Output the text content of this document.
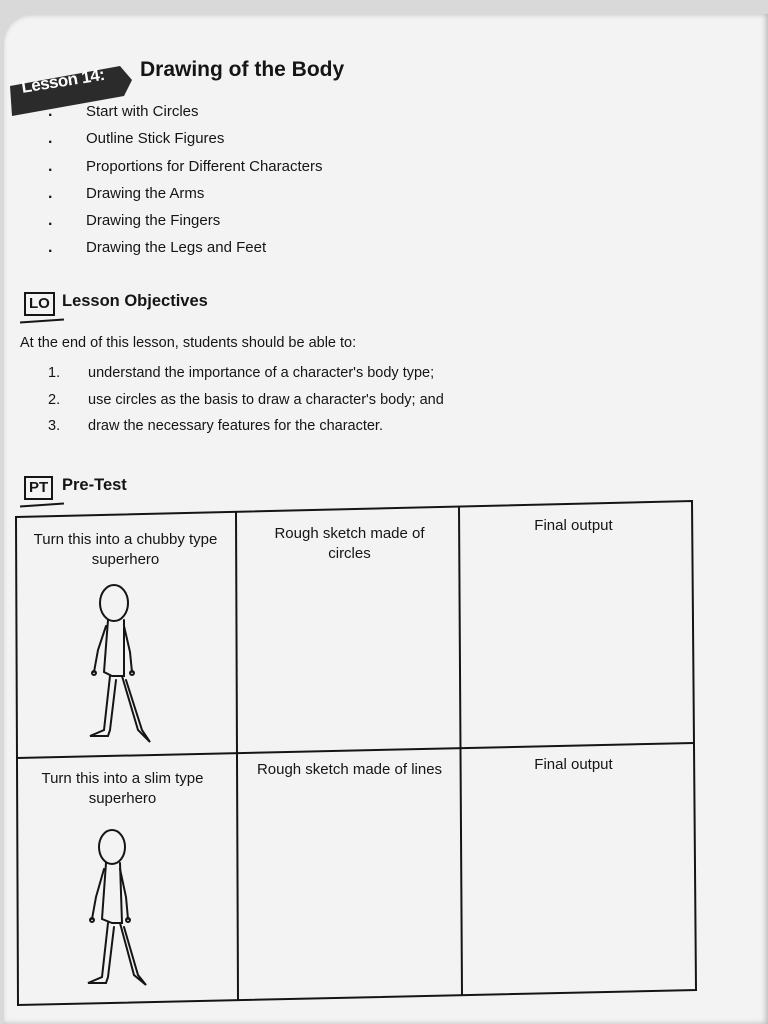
Lesson 14: Drawing of the Body
. Start with Circles
. Outline Stick Figures
. Proportions for Different Characters
. Drawing the Arms
. Drawing the Fingers
. Drawing the Legs and Feet
LO Lesson Objectives
At the end of this lesson, students should be able to:
1. understand the importance of a character's body type;
2. use circles as the basis to draw a character's body; and
3. draw the necessary features for the character.
PT Pre-Test
Turn this into a chubby type superhero
Rough sketch made of circles
Final output
Turn this into a slim type superhero
Rough sketch made of lines	Final output
